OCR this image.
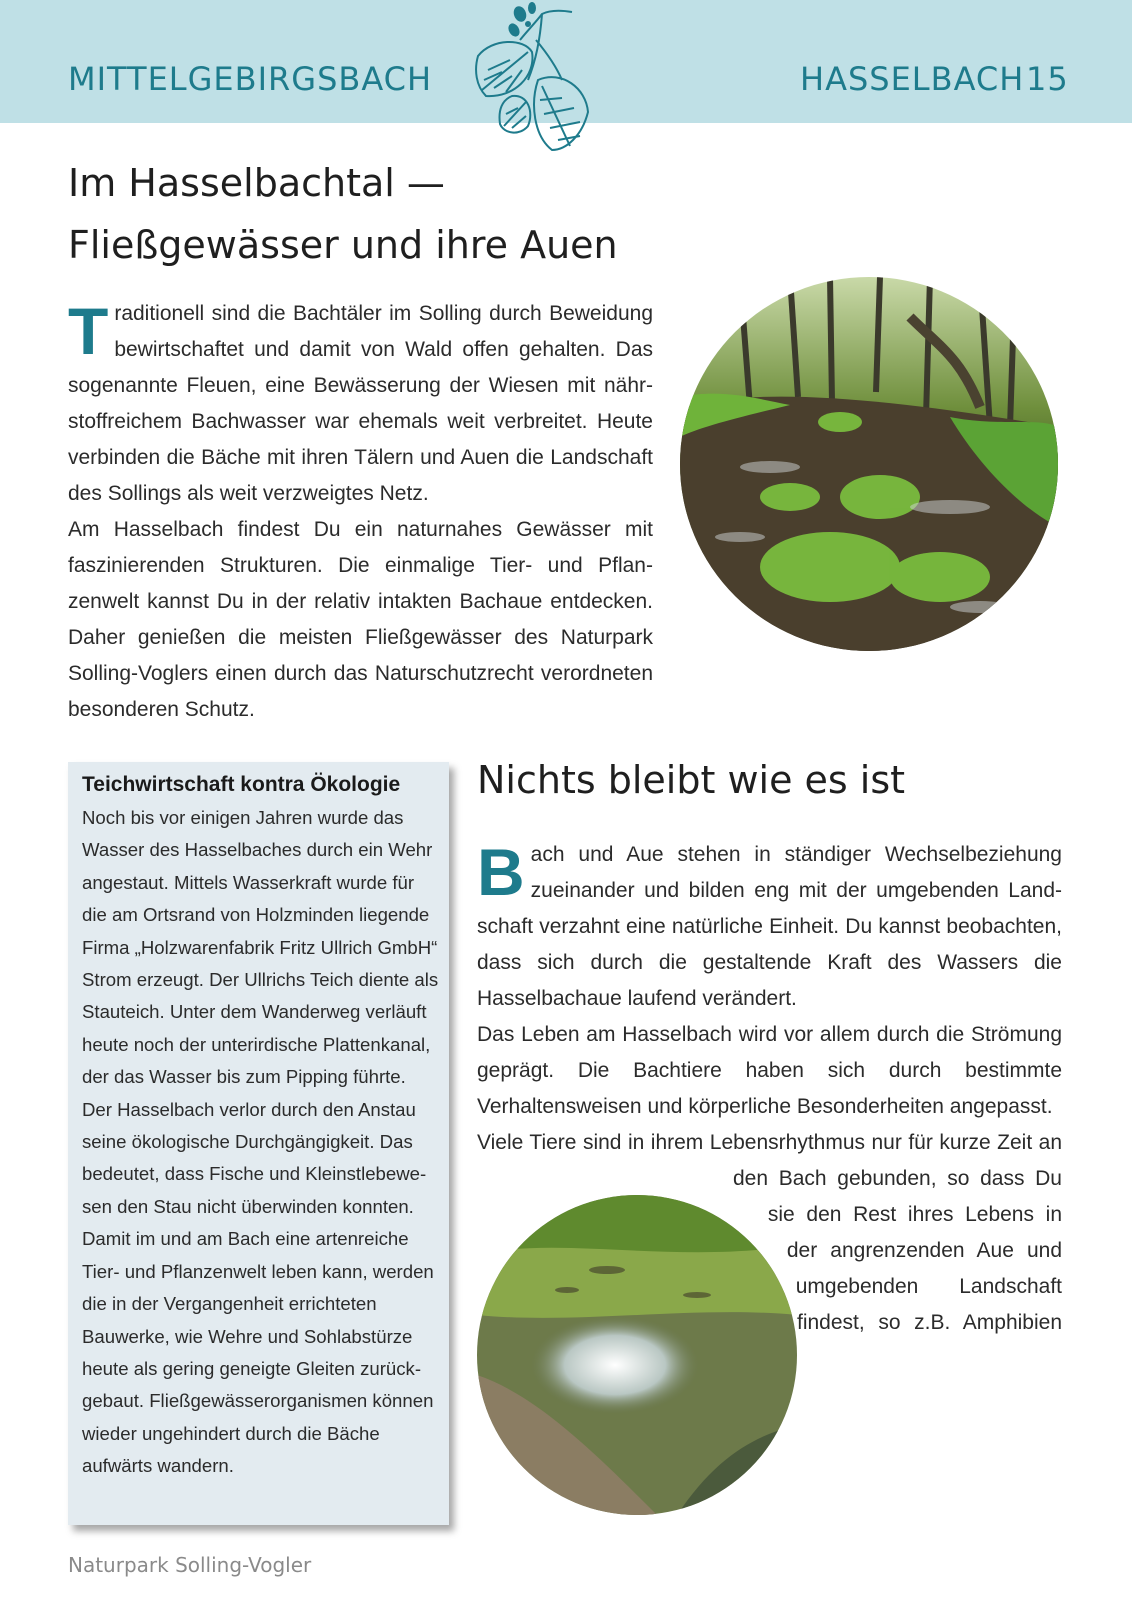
MITTELGEBIRGSBACH	HASSELBACH 15
Im Hasselbachtal —
Fließgewässer und ihre Auen
Traditionell sind die Bachtäler im Solling durch Beweidung bewirtschaftet und damit von Wald offen gehalten. Das sogenannte Fleuen, eine Bewässerung der Wiesen mit nährstoffreichem Bachwasser war ehemals weit verbreitet. Heute verbinden die Bäche mit ihren Tälern und Auen die Landschaft des Sollings als weit verzweigtes Netz.
Am Hasselbach findest Du ein naturnahes Gewässer mit faszinierenden Strukturen. Die einmalige Tier- und Pflanzenwelt kannst Du in der relativ intakten Bachaue entdecken. Daher genießen die meisten Fließgewässer des Naturpark Solling-Voglers einen durch das Naturschutzrecht verordneten besonderen Schutz.
Teichwirtschaft kontra Ökologie

Noch bis vor einigen Jahren wurde das Wasser des Hasselbaches durch ein Wehr angestaut. Mittels Wasserkraft wurde für die am Ortsrand von Holzminden liegende Firma „Holzwarenfabrik Fritz Ullrich GmbH“ Strom erzeugt. Der Ullrichs Teich diente als Stauteich. Unter dem Wanderweg verläuft heute noch der unterirdische Plattenkanal, der das Wasser bis zum Pipping führte.

Der Hasselbach verlor durch den Anstau seine ökologische Durchgängigkeit. Das bedeutet, dass Fische und Kleinstlebewesen den Stau nicht überwinden konnten. Damit im und am Bach eine artenreiche Tier- und Pflanzenwelt leben kann, werden die in der Vergangenheit errichteten Bauwerke, wie Wehre und Sohlabstürze heute als gering geneigte Gleiten zurückgebaut. Fließgewässerorganismen können wieder ungehindert durch die Bäche aufwärts wandern.

Nichts bleibt wie es ist

Bach und Aue stehen in ständiger Wechselbeziehung zueinander und bilden eng mit der umgebenden Landschaft verzahnt eine natürliche Einheit. Du kannst beobachten, dass sich durch die gestaltende Kraft des Wassers die Hasselbachaue laufend verändert.

Das Leben am Hasselbach wird vor allem durch die Strömung geprägt. Die Bachtiere haben sich durch bestimmte Verhaltensweisen und körperliche Besonderheiten angepasst.

Viele Tiere sind in ihrem Lebensrhythmus nur für kurze Zeit an den Bach gebunden, so dass Du sie den Rest ihres Lebens in der angrenzenden Aue und umgebenden Landschaft findest, so z.B. Amphibien

Naturpark Solling-Vogler
